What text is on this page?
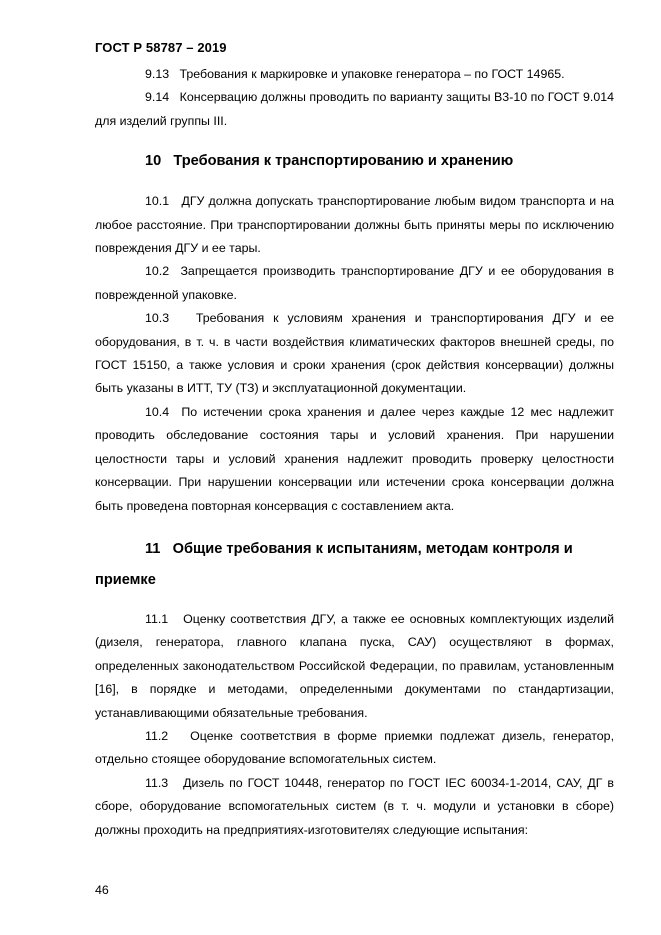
ГОСТ Р 58787 – 2019

9.13 Требования к маркировке и упаковке генератора – по ГОСТ 14965.

9.14 Консервацию должны проводить по варианту защиты В3-10 по ГОСТ 9.014 для изделий группы III.

10 Требования к транспортированию и хранению

10.1 ДГУ должна допускать транспортирование любым видом транспорта и на любое расстояние. При транспортировании должны быть приняты меры по исключению повреждения ДГУ и ее тары.

10.2 Запрещается производить транспортирование ДГУ и ее оборудования в поврежденной упаковке.

10.3 Требования к условиям хранения и транспортирования ДГУ и ее оборудования, в т. ч. в части воздействия климатических факторов внешней среды, по ГОСТ 15150, а также условия и сроки хранения (срок действия консервации) должны быть указаны в ИТТ, ТУ (ТЗ) и эксплуатационной документации.

10.4 По истечении срока хранения и далее через каждые 12 мес надлежит проводить обследование состояния тары и условий хранения. При нарушении целостности тары и условий хранения надлежит проводить проверку целостности консервации. При нарушении консервации или истечении срока консервации должна быть проведена повторная консервация с составлением акта.

11 Общие требования к испытаниям, методам контроля и приемке

11.1 Оценку соответствия ДГУ, а также ее основных комплектующих изделий (дизеля, генератора, главного клапана пуска, САУ) осуществляют в формах, определенных законодательством Российской Федерации, по правилам, установленным [16], в порядке и методами, определенными документами по стандартизации, устанавливающими обязательные требования.

11.2 Оценке соответствия в форме приемки подлежат дизель, генератор, отдельно стоящее оборудование вспомогательных систем.

11.3 Дизель по ГОСТ 10448, генератор по ГОСТ IEC 60034-1-2014, САУ, ДГ в сборе, оборудование вспомогательных систем (в т. ч. модули и установки в сборе) должны проходить на предприятиях-изготовителях следующие испытания:

46
